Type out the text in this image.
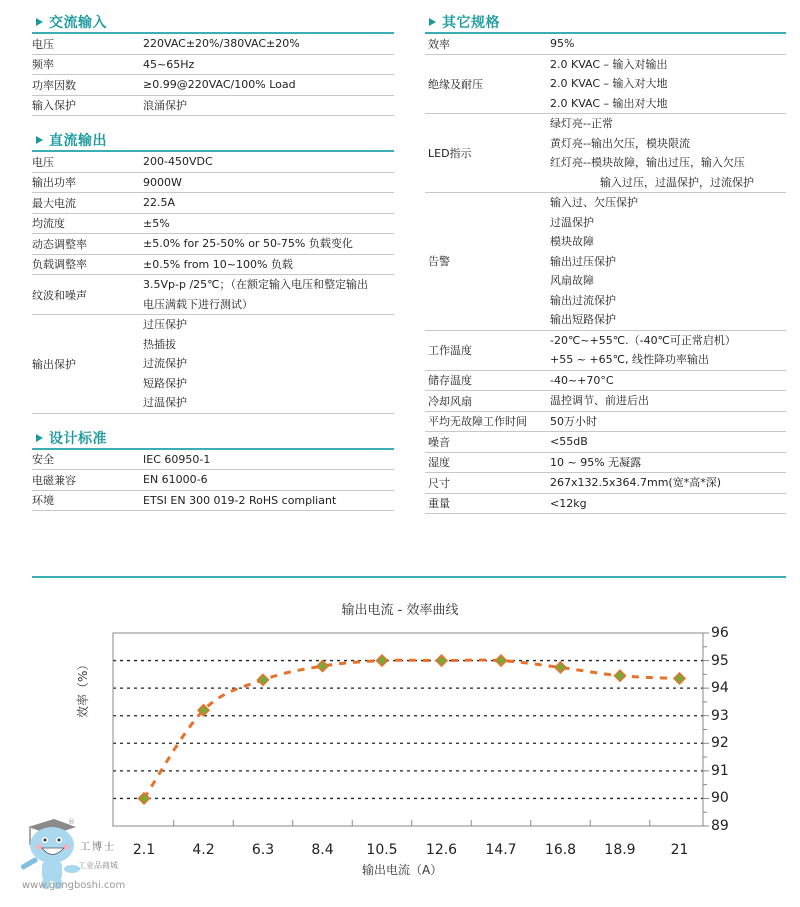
交流输入
电压	220VAC±20%/380VAC±20%

频率	45~65Hz

功率因数	≥0.99@220VAC/100% Load

输入保护	浪涌保护
直流输出
电压	200-450VDC

输出功率	9000W

最大电流	22.5A

均流度	±5%

动态调整率	±5.0% for 25-50% or 50-75% 负载变化

负载调整率	±0.5% from 10~100% 负载

纹波和噪声	3.5Vp-p /25℃；（在额定输入电压和整定输出
电压满载下进行测试）

输出保护	过压保护
热插拔
过流保护
短路保护
过温保护
设计标准
安全	IEC 60950-1

电磁兼容	EN 61000-6

环境	ETSI EN 300 019-2 RoHS compliant
其它规格
效率	95%

绝缘及耐压	2.0 KVAC – 输入对输出
2.0 KVAC – 输入对大地
2.0 KVAC – 输出对大地

LED指示	绿灯亮--正常
黄灯亮--输出欠压，模块限流
红灯亮--模块故障，输出过压，输入欠压
输入过压，过温保护，过流保护

告警	
输入过、欠压保护
过温保护
模块故障
输出过压保护
风扇故障
输出过流保护
输出短路保护

工作温度	-20℃~+55℃.（-40℃可正常启机）
+55 ~ +65℃, 线性降功率输出

储存温度	-40~+70°C

冷却风扇	温控调节、前进后出

平均无故障工作时间	50万小时

噪音	<55dB

湿度	10 ~ 95% 无凝露

尺寸	267x132.5x364.7mm(宽*高*深)

重量	<12kg
输出电流 - 效率曲线
2.1	4.2	6.3	8.4 10.5 12.6 14.7 16.8 18.9	21
89
90
91
92
93
94
95
96
效率（%）
输出电流（A）
®
工博士
工业品商城
www.gongboshi.com
